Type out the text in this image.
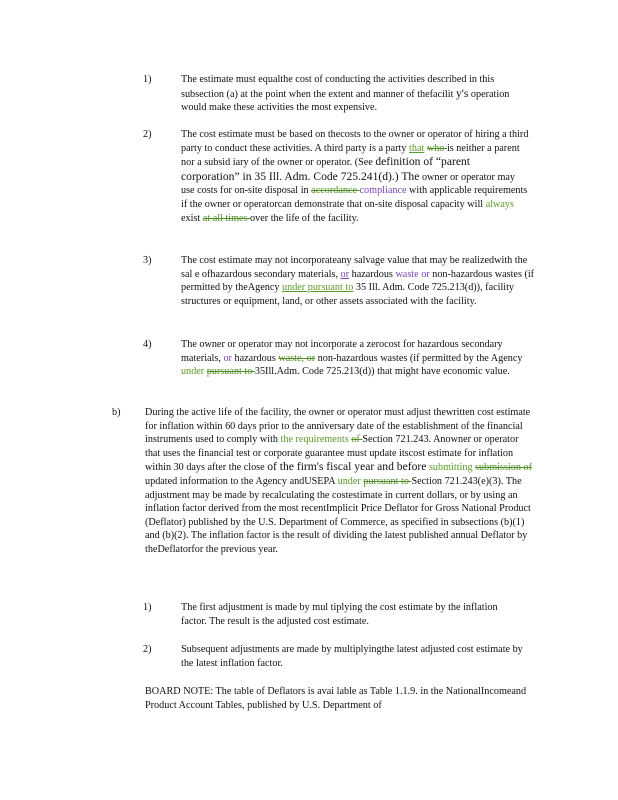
1)	The estimate must equalthe cost of conducting the activities described in this subsection (a) at the point when the extent and manner of thefacilit y's operation would make these activities the most expensive.

2)	The cost estimate must be based on thecosts to the owner or operator of hiring a third party to conduct these activities. A third party is a party that who is neither a parent nor a subsid iary of the owner or operator. (See definition of “parent corporation” in 35 Ill. Adm. Code 725.241(d).) The owner or operator may use costs for on-site disposal in accordance compliance with applicable requirements if the owner or operatorcan demonstrate that on-site disposal capacity will always exist at all times over the life of the facility.

3)	The cost estimate may not incorporateany salvage value that may be realizedwith the sal e ofhazardous secondary materials, or hazardous waste or non-hazardous wastes (if permitted by theAgency under pursuant to 35 Ill. Adm. Code 725.213(d)), facility structures or equipment, land, or other assets associated with the facility.

4)	The owner or operator may not incorporate a zerocost for hazardous secondary materials, or hazardous waste, or non-hazardous wastes (if permitted by the Agency under pursuant to 35Ill.Adm. Code 725.213(d)) that might have economic value.

b) During the active life of the facility, the owner or operator must adjust thewritten cost estimate for inflation within 60 days prior to the anniversary date of the establishment of the financial instruments used to comply with the requirements of Section 721.243. Anowner or operator that uses the financial test or corporate guarantee must update itscost estimate for inflation within 30 days after the close of the firm's fiscal year and before submitting submission of updated information to the Agency andUSEPA under pursuant to Section 721.243(e)(3). The adjustment may be made by recalculating the costestimate in current dollars, or by using an inflation factor derived from the most recentImplicit Price Deflator for Gross National Product (Deflator) published by the U.S. Department of Commerce, as specified in subsections (b)(1) and (b)(2). The inflation factor is the result of dividing the latest published annual Deflator by theDeflatorfor the previous year.

1)	The first adjustment is made by mul tiplying the cost estimate by the inflation factor. The result is the adjusted cost estimate.

2)	Subsequent adjustments are made by multiplyingthe latest adjusted cost estimate by the latest inflation factor.

BOARD NOTE: The table of Deflators is avai lable as Table 1.1.9. in the NationalIncomeand Product Account Tables, published by U.S. Department of
